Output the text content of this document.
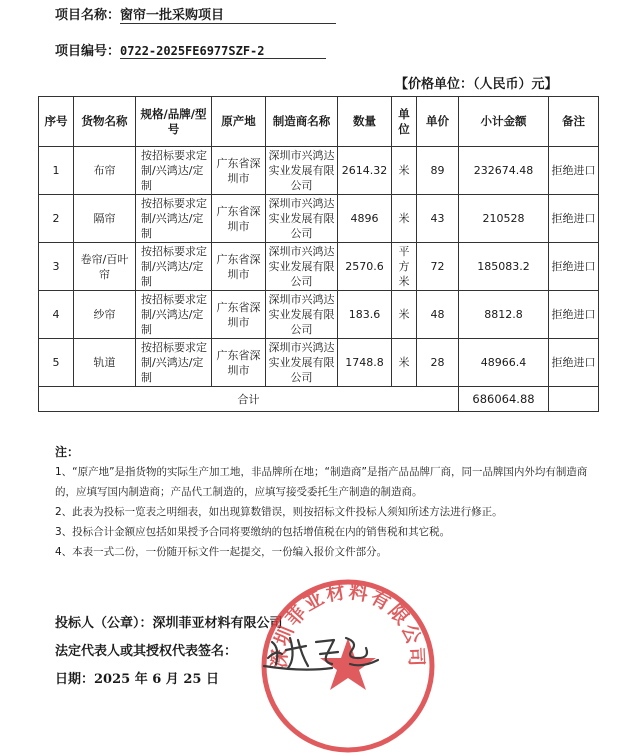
项目名称：窗帘一批采购项目
项目编号：0722-2025FE6977SZF-2
【价格单位：（人民币）元】
序号	货物名称	规格/品牌/型号	原产地	制造商名称	数量	单位	单价	小计金额	备注
1	布帘	按招标要求定制/兴鸿达/定制	广东省深圳市	深圳市兴鸿达实业发展有限公司	2614.32	米	89	232674.48	拒绝进口
2	隔帘	按招标要求定制/兴鸿达/定制	广东省深圳市	深圳市兴鸿达实业发展有限公司	4896	米	43	210528	拒绝进口
3	卷帘/百叶帘	按招标要求定制/兴鸿达/定制	广东省深圳市	深圳市兴鸿达实业发展有限公司	2570.6	平方米	72	185083.2	拒绝进口
4	纱帘	按招标要求定制/兴鸿达/定制	广东省深圳市	深圳市兴鸿达实业发展有限公司	183.6	米	48	8812.8	拒绝进口
5	轨道	按招标要求定制/兴鸿达/定制	广东省深圳市	深圳市兴鸿达实业发展有限公司	1748.8	米	28	48966.4	拒绝进口
合计								686064.88	
注：

1、“原产地”是指货物的实际生产加工地，非品牌所在地；“制造商”是指产品品牌厂商，同一品牌国内外均有制造商的，应填写国内制造商；产品代工制造的，应填写接受委托生产制造的制造商。

2、此表为投标一览表之明细表，如出现算数错误，则按招标文件投标人须知所述方法进行修正。

3、投标合计金额应包括如果授予合同将要缴纳的包括增值税在内的销售税和其它税。

4、本表一式二份，一份随开标文件一起提交，一份编入报价文件部分。

投标人（公章）：深圳菲亚材料有限公司
法定代表人或其授权代表签名：
日期：2025 年 6 月 25 日
深圳菲亚材料有限公司
